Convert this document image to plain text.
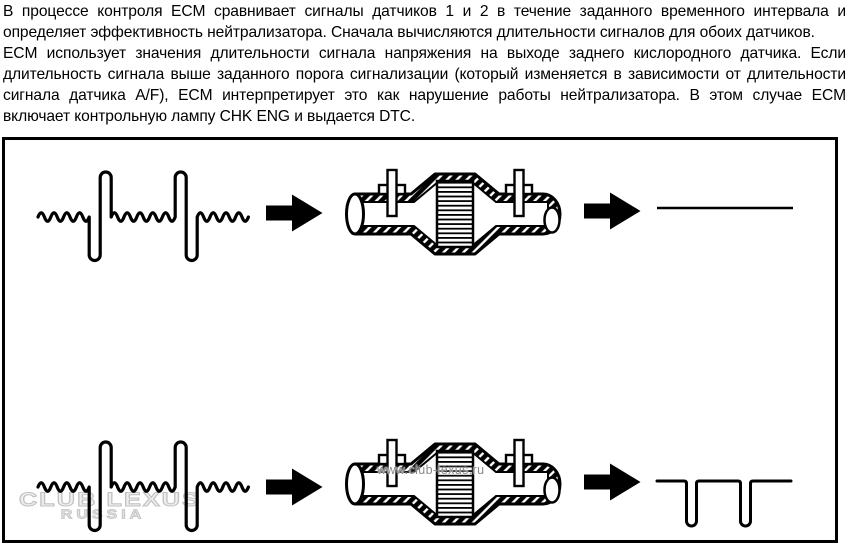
В процессе контроля ECM сравнивает сигналы датчиков 1 и 2 в течение заданного временного интервала и определяет эффективность нейтрализатора. Сначала вычисляются длительности сигналов для обоих датчиков.

ECM использует значения длительности сигнала напряжения на выходе заднего кислородного датчика. Если длительность сигнала выше заданного порога сигнализации (который изменяется в зависимости от длительности сигнала датчика A/F), ECM интерпретирует это как нарушение работы нейтрализатора. В этом случае ECM включает контрольную лампу CHK ENG и выдается DTC.

CLUB LEXUS
RUSSIA
www.club-lexus.ru
